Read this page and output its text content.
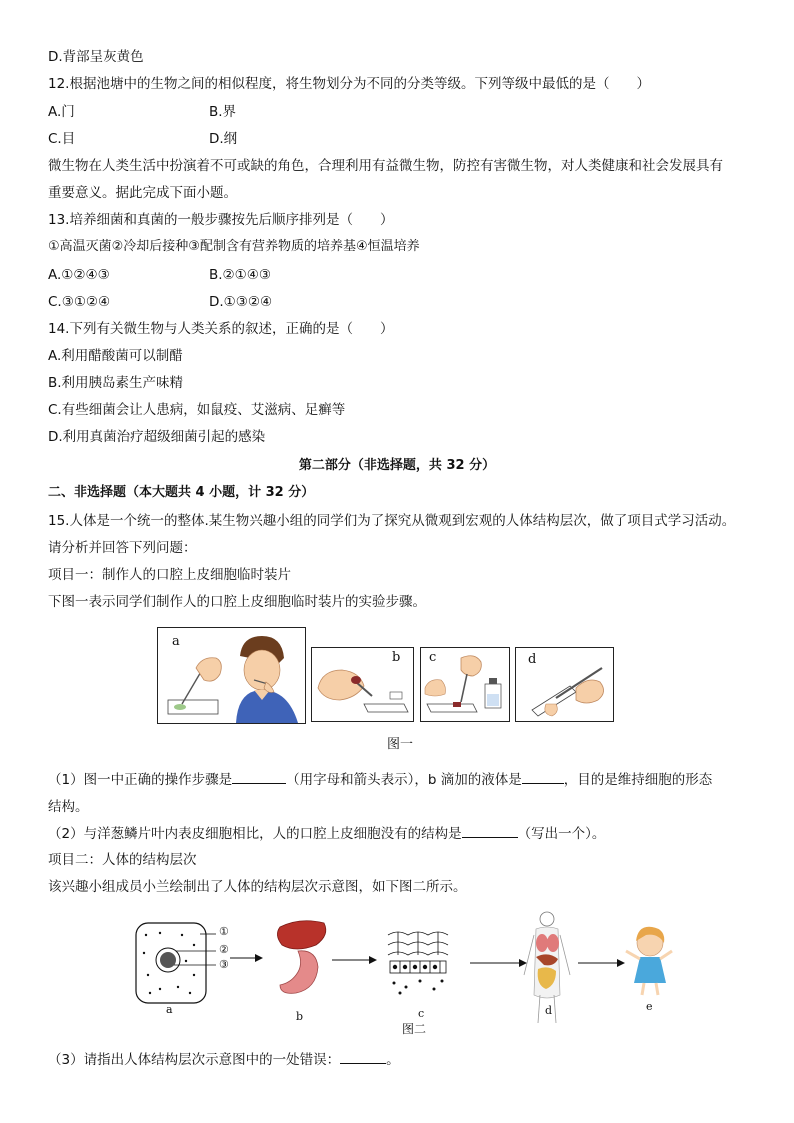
D.背部呈灰黄色
12.根据池塘中的生物之间的相似程度，将生物划分为不同的分类等级。下列等级中最低的是（　　）
A.门	B.界
C.目	D.纲
微生物在人类生活中扮演着不可或缺的角色，合理利用有益微生物，防控有害微生物，对人类健康和社会发展具有
重要意义。据此完成下面小题。
13.培养细菌和真菌的一般步骤按先后顺序排列是（　　）
①高温灭菌②冷却后接种③配制含有营养物质的培养基④恒温培养
A.①②④③	B.②①④③
C.③①②④	D.①③②④
14.下列有关微生物与人类关系的叙述，正确的是（　　）
A.利用醋酸菌可以制醋
B.利用胰岛素生产味精
C.有些细菌会让人患病，如鼠疫、艾滋病、足癣等
D.利用真菌治疗超级细菌引起的感染
第二部分（非选择题，共 32 分）
二、非选择题（本大题共 4 小题，计 32 分）
15.人体是一个统一的整体.某生物兴趣小组的同学们为了探究从微观到宏观的人体结构层次，做了项目式学习活动。
请分析并回答下列问题：
项目一：制作人的口腔上皮细胞临时装片
下图一表示同学们制作人的口腔上皮细胞临时装片的实验步骤。
a
b c	d
图一
（1）图一中正确的操作步骤是	（用字母和箭头表示），b 滴加的液体是	，目的是维持细胞的形态
结构。
（2）与洋葱鳞片叶内表皮细胞相比，人的口腔上皮细胞没有的结构是	（写出一个）。
项目二：人体的结构层次
该兴趣小组成员小兰绘制出了人体的结构层次示意图，如下图二所示。
①
②
③
a
b	c	d	e
图二
（3）请指出人体结构层次示意图中的一处错误：	。
